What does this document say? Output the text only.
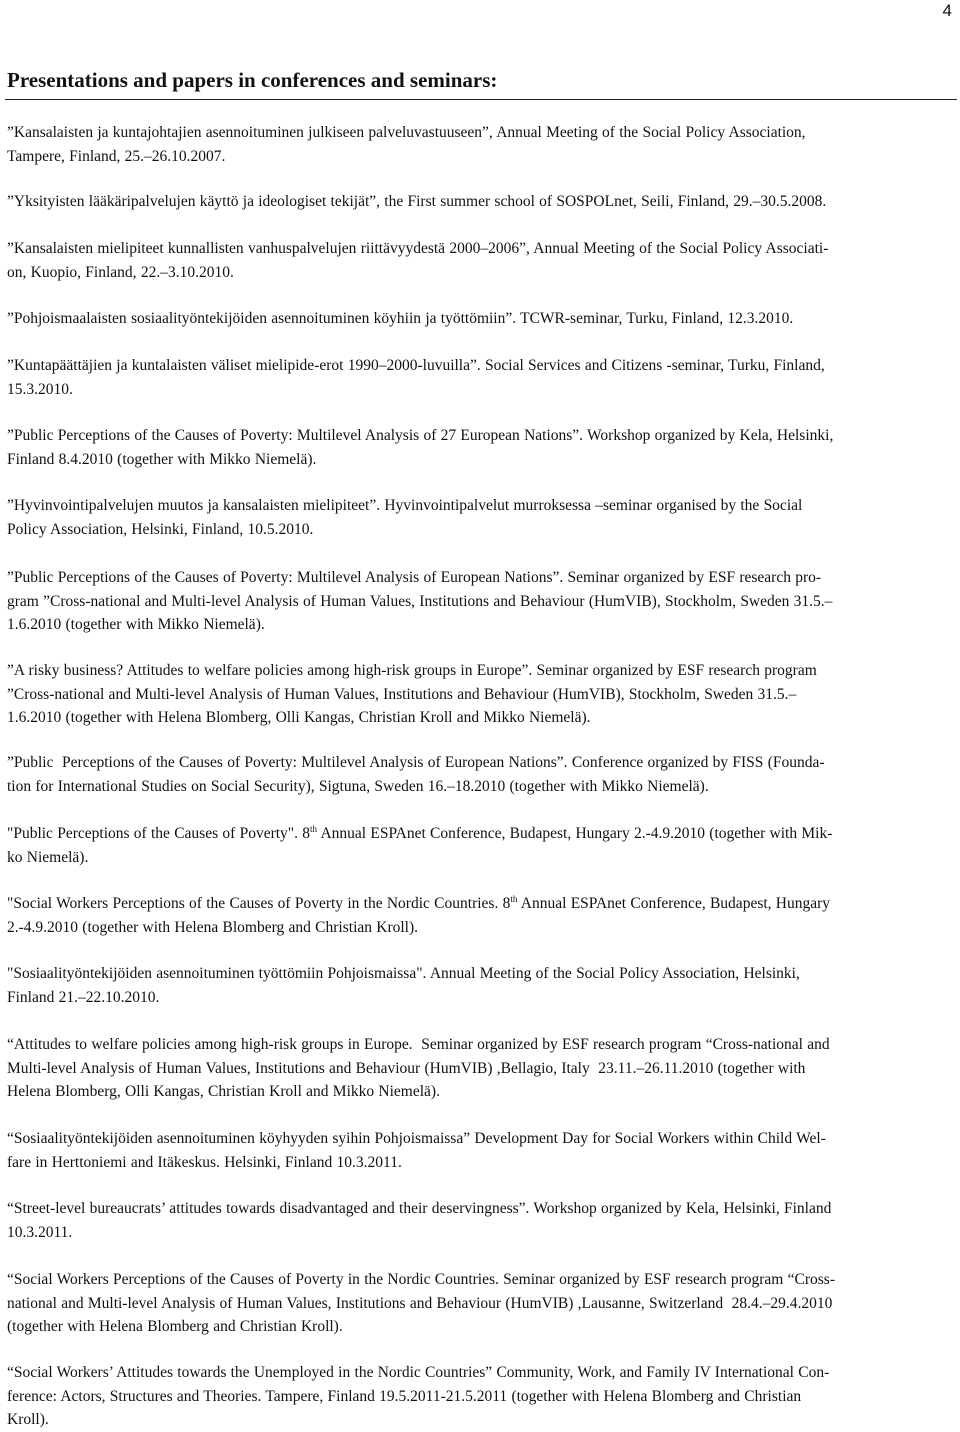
4
Presentations and papers in conferences and seminars:

”Kansalaisten ja kuntajohtajien asennoituminen julkiseen palveluvastuuseen”, Annual Meeting of the Social Policy Association,
Tampere, Finland, 25.–26.10.2007.

”Yksityisten lääkäripalvelujen käyttö ja ideologiset tekijät”, the First summer school of SOSPOLnet, Seili, Finland, 29.–30.5.2008.

”Kansalaisten mielipiteet kunnallisten vanhuspalvelujen riittävyydestä 2000–2006”, Annual Meeting of the Social Policy Associati-
on, Kuopio, Finland, 22.–3.10.2010.

”Pohjoismaalaisten sosiaalityöntekijöiden asennoituminen köyhiin ja työttömiin”. TCWR-seminar, Turku, Finland, 12.3.2010.

”Kuntapäättäjien ja kuntalaisten väliset mielipide-erot 1990–2000-luvuilla”. Social Services and Citizens -seminar, Turku, Finland,
15.3.2010.

”Public Perceptions of the Causes of Poverty: Multilevel Analysis of 27 European Nations”. Workshop organized by Kela, Helsinki,
Finland 8.4.2010 (together with Mikko Niemelä).

”Hyvinvointipalvelujen muutos ja kansalaisten mielipiteet”. Hyvinvointipalvelut murroksessa –seminar organised by the Social
Policy Association, Helsinki, Finland, 10.5.2010.

”Public Perceptions of the Causes of Poverty: Multilevel Analysis of European Nations”. Seminar organized by ESF research pro-
gram ”Cross-national and Multi-level Analysis of Human Values, Institutions and Behaviour (HumVIB), Stockholm, Sweden 31.5.–
1.6.2010 (together with Mikko Niemelä).

”A risky business? Attitudes to welfare policies among high-risk groups in Europe”. Seminar organized by ESF research program
”Cross-national and Multi-level Analysis of Human Values, Institutions and Behaviour (HumVIB), Stockholm, Sweden 31.5.–
1.6.2010 (together with Helena Blomberg, Olli Kangas, Christian Kroll and Mikko Niemelä).

”Public  Perceptions of the Causes of Poverty: Multilevel Analysis of European Nations”. Conference organized by FISS (Founda-
tion for International Studies on Social Security), Sigtuna, Sweden 16.–18.2010 (together with Mikko Niemelä).

"Public Perceptions of the Causes of Poverty". 8th Annual ESPAnet Conference, Budapest, Hungary 2.-4.9.2010 (together with Mik-
ko Niemelä).

"Social Workers Perceptions of the Causes of Poverty in the Nordic Countries. 8th Annual ESPAnet Conference, Budapest, Hungary
2.-4.9.2010 (together with Helena Blomberg and Christian Kroll).

"Sosiaalityöntekijöiden asennoituminen työttömiin Pohjoismaissa". Annual Meeting of the Social Policy Association, Helsinki,
Finland 21.–22.10.2010.

“Attitudes to welfare policies among high-risk groups in Europe.  Seminar organized by ESF research program “Cross-national and
Multi-level Analysis of Human Values, Institutions and Behaviour (HumVIB) ,Bellagio, Italy  23.11.–26.11.2010 (together with
Helena Blomberg, Olli Kangas, Christian Kroll and Mikko Niemelä).

“Sosiaalityöntekijöiden asennoituminen köyhyyden syihin Pohjoismaissa” Development Day for Social Workers within Child Wel-
fare in Herttoniemi and Itäkeskus. Helsinki, Finland 10.3.2011.

“Street-level bureaucrats’ attitudes towards disadvantaged and their deservingness”. Workshop organized by Kela, Helsinki, Finland
10.3.2011.

“Social Workers Perceptions of the Causes of Poverty in the Nordic Countries. Seminar organized by ESF research program “Cross-
national and Multi-level Analysis of Human Values, Institutions and Behaviour (HumVIB) ,Lausanne, Switzerland  28.4.–29.4.2010
(together with Helena Blomberg and Christian Kroll).

“Social Workers’ Attitudes towards the Unemployed in the Nordic Countries” Community, Work, and Family IV International Con-
ference: Actors, Structures and Theories. Tampere, Finland 19.5.2011-21.5.2011 (together with Helena Blomberg and Christian
Kroll).
